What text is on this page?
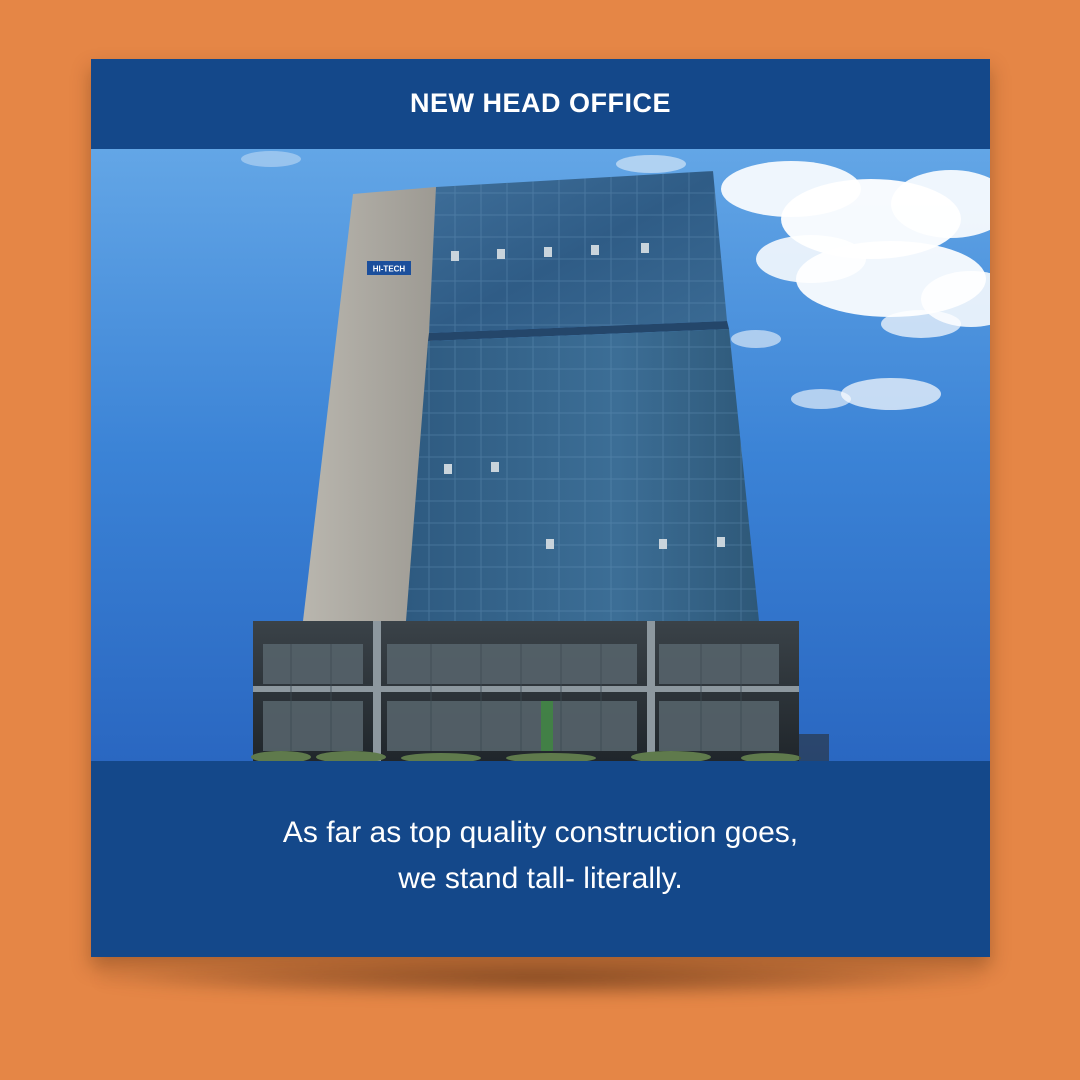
NEW HEAD OFFICE
HI-TECH
As far as top quality construction goes,
we stand tall- literally.
